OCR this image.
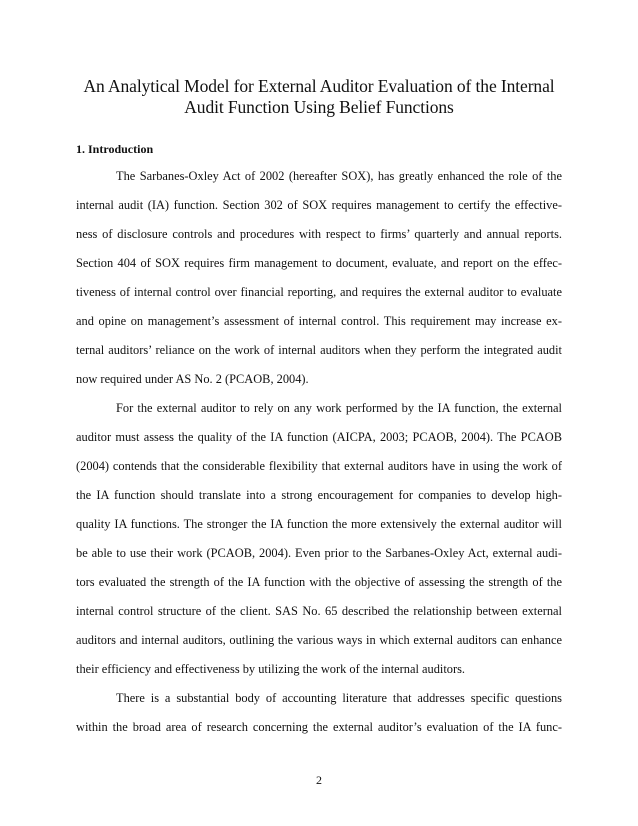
An Analytical Model for External Auditor Evaluation of the Internal
Audit Function Using Belief Functions
1. Introduction
The Sarbanes-Oxley Act of 2002 (hereafter SOX), has greatly enhanced the role of the
internal audit (IA) function. Section 302 of SOX requires management to certify the effective-
ness of disclosure controls and procedures with respect to firms’ quarterly and annual reports.
Section 404 of SOX requires firm management to document, evaluate, and report on the effec-
tiveness of internal control over financial reporting, and requires the external auditor to evaluate
and opine on management’s assessment of internal control. This requirement may increase ex-
ternal auditors’ reliance on the work of internal auditors when they perform the integrated audit
now required under AS No. 2 (PCAOB, 2004).
For the external auditor to rely on any work performed by the IA function, the external
auditor must assess the quality of the IA function (AICPA, 2003; PCAOB, 2004). The PCAOB
(2004) contends that the considerable flexibility that external auditors have in using the work of
the IA function should translate into a strong encouragement for companies to develop high-
quality IA functions. The stronger the IA function the more extensively the external auditor will
be able to use their work (PCAOB, 2004). Even prior to the Sarbanes-Oxley Act, external audi-
tors evaluated the strength of the IA function with the objective of assessing the strength of the
internal control structure of the client. SAS No. 65 described the relationship between external
auditors and internal auditors, outlining the various ways in which external auditors can enhance
their efficiency and effectiveness by utilizing the work of the internal auditors.
There is a substantial body of accounting literature that addresses specific questions
within the broad area of research concerning the external auditor’s evaluation of the IA func-
2
